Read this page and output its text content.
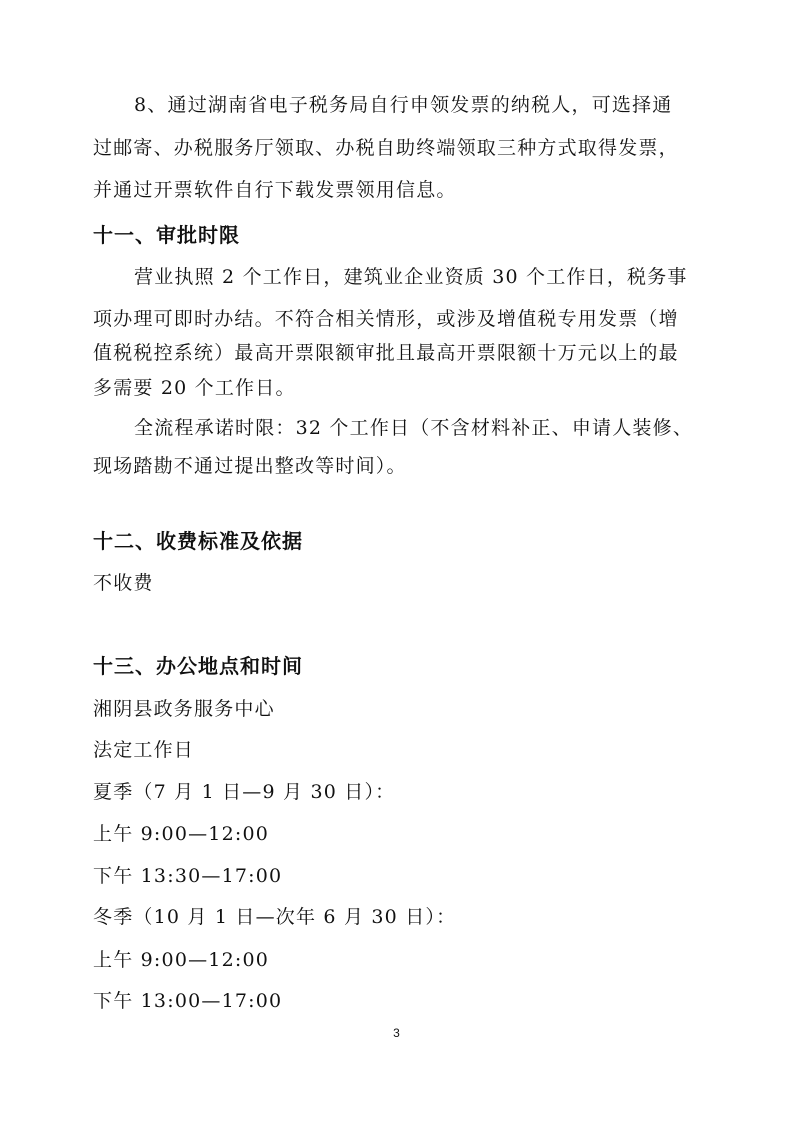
8、通过湖南省电子税务局自行申领发票的纳税人，可选择通
过邮寄、办税服务厅领取、办税自助终端领取三种方式取得发票，
并通过开票软件自行下载发票领用信息。
十一、审批时限
营业执照 2 个工作日，建筑业企业资质 30 个工作日，税务事
项办理可即时办结。不符合相关情形，或涉及增值税专用发票（增
值税税控系统）最高开票限额审批且最高开票限额十万元以上的最
多需要 20 个工作日。
全流程承诺时限：32 个工作日（不含材料补正、申请人装修、
现场踏勘不通过提出整改等时间）。
十二、收费标准及依据
不收费
十三、办公地点和时间
湘阴县政务服务中心
法定工作日
夏季（7 月 1 日—9 月 30 日）：
上午 9:00—12:00
下午 13:30—17:00
冬季（10 月 1 日—次年 6 月 30 日）：
上午 9:00—12:00
下午 13:00—17:00
3
